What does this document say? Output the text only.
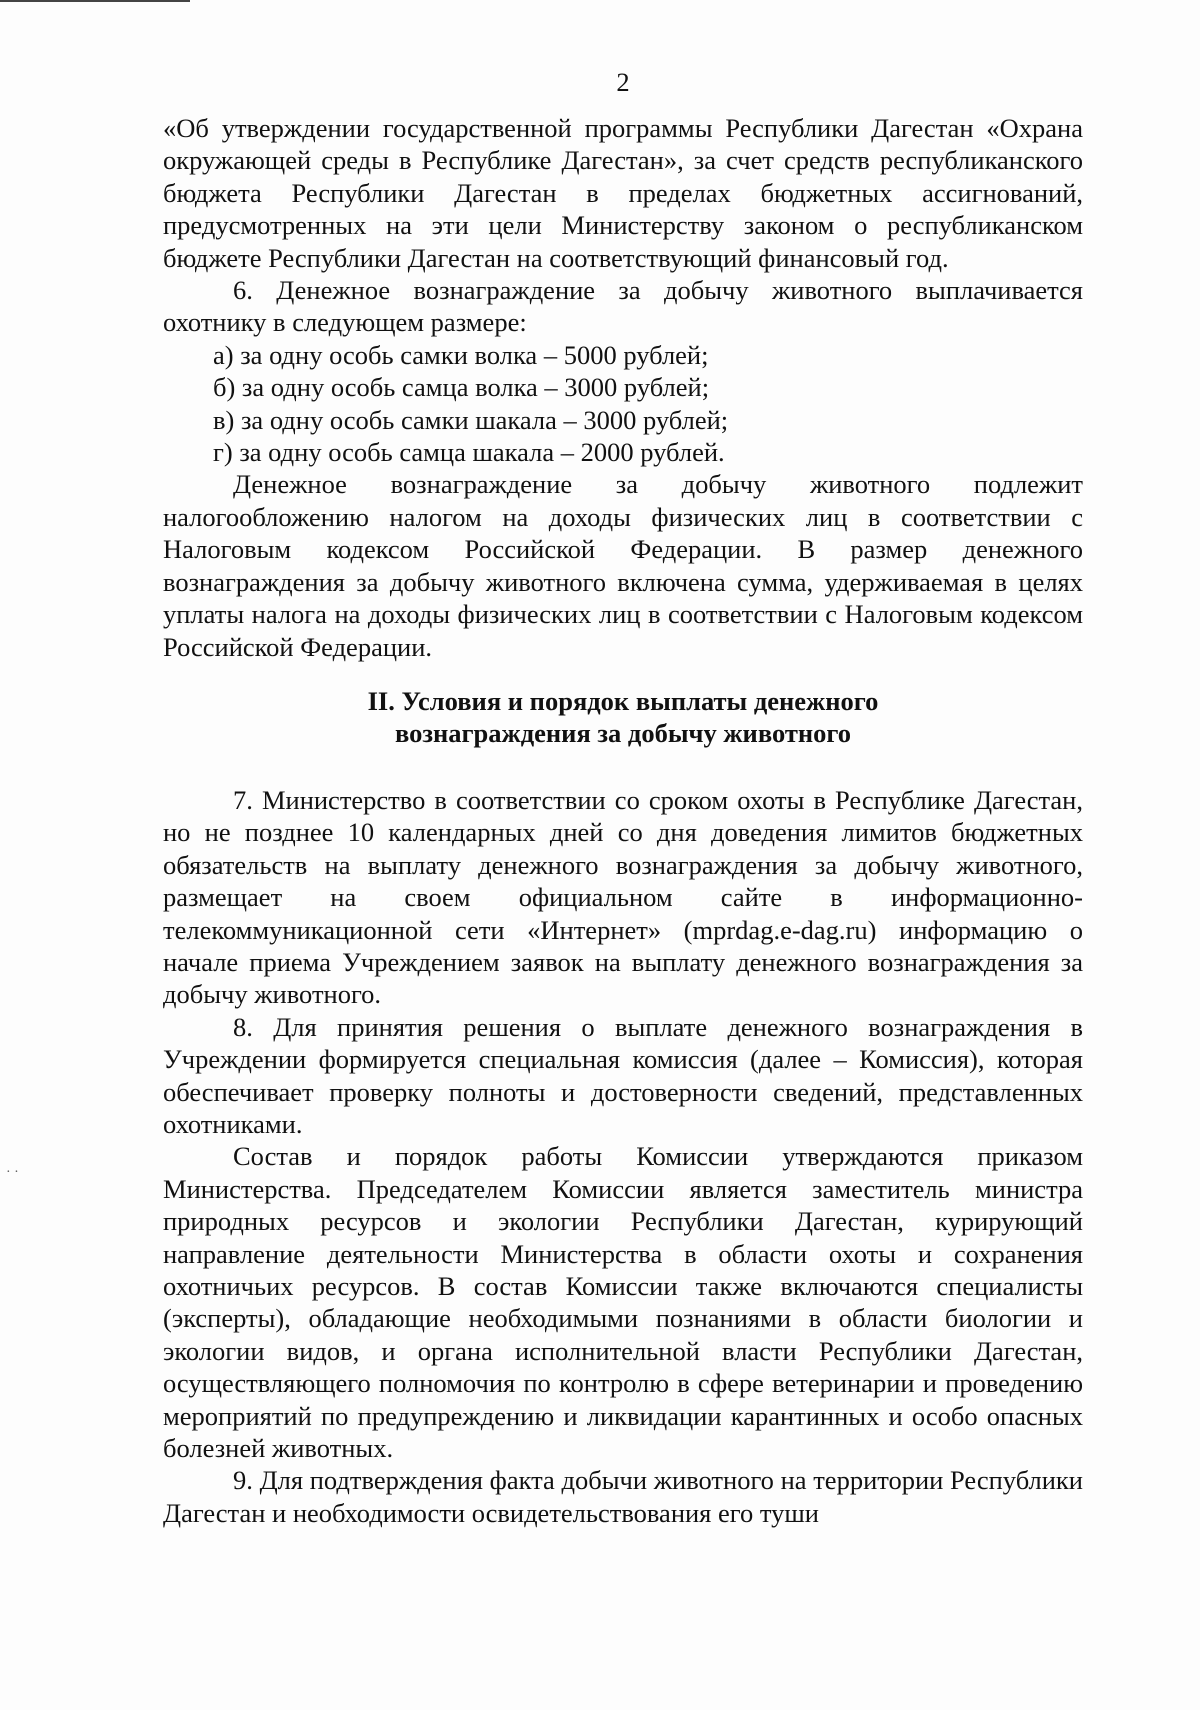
· ·
2

«Об утверждении государственной программы Республики Дагестан «Охрана окружающей среды в Республике Дагестан», за счет средств республиканского бюджета Республики Дагестан в пределах бюджетных ассигнований, предусмотренных на эти цели Министерству законом о республиканском бюджете Республики Дагестан на соответствующий финансовый год.

6. Денежное вознаграждение за добычу животного выплачивается охотнику в следующем размере:

а) за одну особь самки волка – 5000 рублей;
б) за одну особь самца волка – 3000 рублей;
в) за одну особь самки шакала – 3000 рублей;
г) за одну особь самца шакала – 2000 рублей.

Денежное вознаграждение за добычу животного подлежит налогообложению налогом на доходы физических лиц в соответствии с Налоговым кодексом Российской Федерации. В размер денежного вознаграждения за добычу животного включена сумма, удерживаемая в целях уплаты налога на доходы физических лиц в соответствии с Налоговым кодексом Российской Федерации.

II. Условия и порядок выплаты денежного
вознаграждения за добычу животного

7. Министерство в соответствии со сроком охоты в Республике Дагестан, но не позднее 10 календарных дней со дня доведения лимитов бюджетных обязательств на выплату денежного вознаграждения за добычу животного, размещает на своем официальном сайте в информационно-телекоммуникационной сети «Интернет» (mprdag.e-dag.ru) информацию о начале приема Учреждением заявок на выплату денежного вознаграждения за добычу животного.

8. Для принятия решения о выплате денежного вознаграждения в Учреждении формируется специальная комиссия (далее – Комиссия), которая обеспечивает проверку полноты и достоверности сведений, представленных охотниками.

Состав и порядок работы Комиссии утверждаются приказом Министерства. Председателем Комиссии является заместитель министра природных ресурсов и экологии Республики Дагестан, курирующий направление деятельности Министерства в области охоты и сохранения охотничьих ресурсов. В состав Комиссии также включаются специалисты (эксперты), обладающие необходимыми познаниями в области биологии и экологии видов, и органа исполнительной власти Республики Дагестан, осуществляющего полномочия по контролю в сфере ветеринарии и проведению мероприятий по предупреждению и ликвидации карантинных и особо опасных болезней животных.

9. Для подтверждения факта добычи животного на территории Республики Дагестан и необходимости освидетельствования его туши
